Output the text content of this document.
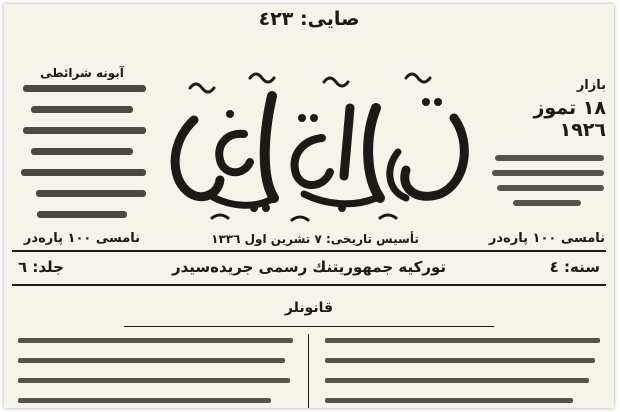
صايى: ٤٢٣
آبونه شرائطى
نامسى ١٠٠ پاره‌در
بازار
١٨ تموز ١٩٢٦
نامسى ١٠٠ پاره‌در
تأسيس تاريخى: ٧ تشرين اول ١٣٣٦
جلد: ٦	توركيه جمهوريتنك رسمى جريده‌سيدر	سنه: ٤
قانونلر
